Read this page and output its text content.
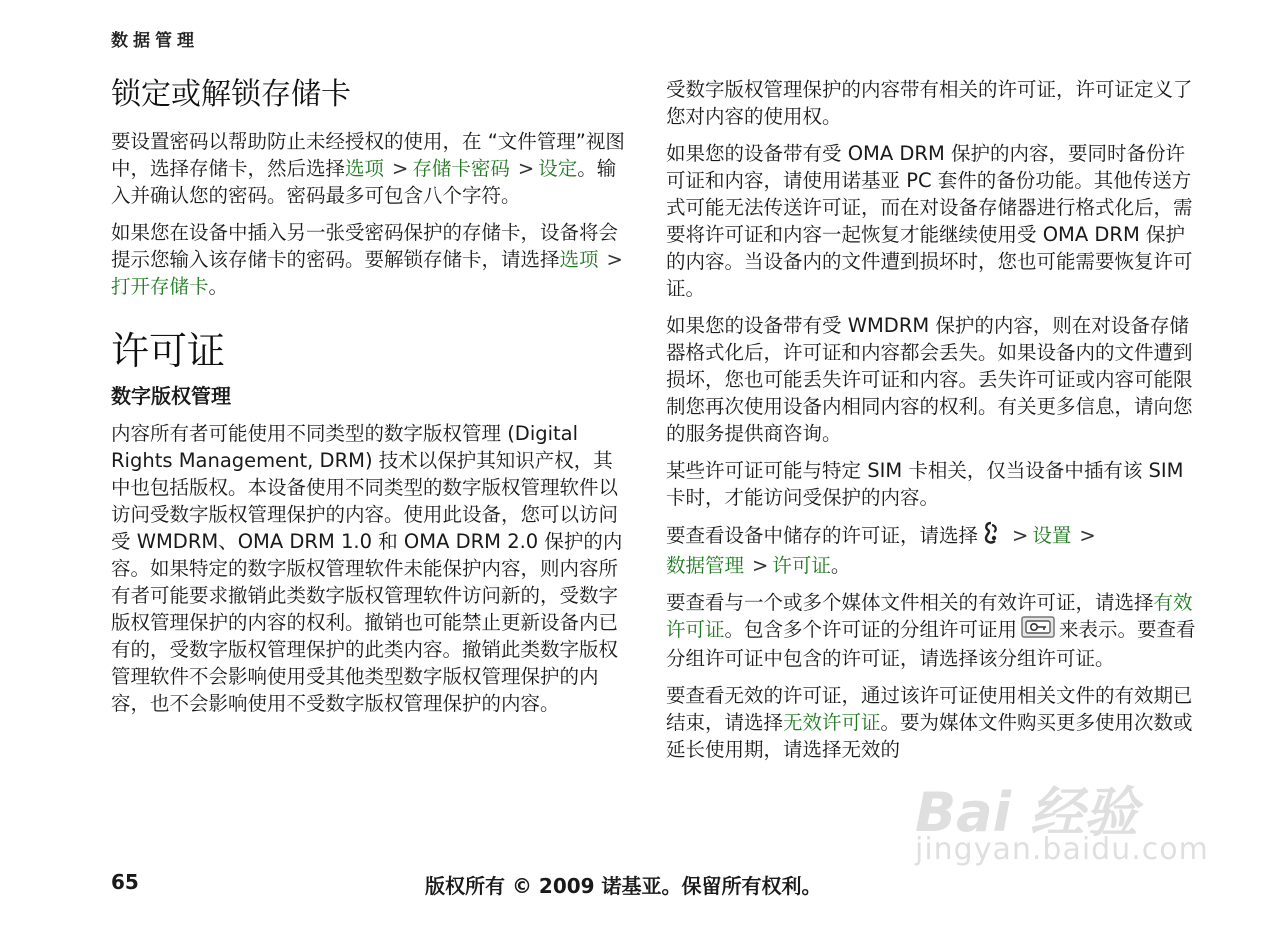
数据管理
锁定或解锁存储卡

要设置密码以帮助防止未经授权的使用，在 “文件管理”视图中，选择存储卡，然后选择选项 > 存储卡密码 > 设定。输入并确认您的密码。密码最多可包含八个字符。

如果您在设备中插入另一张受密码保护的存储卡，设备将会提示您输入该存储卡的密码。要解锁存储卡，请选择选项 >打开存储卡。

许可证
数字版权管理

内容所有者可能使用不同类型的数字版权管理 (Digital Rights Management, DRM) 技术以保护其知识产权，其中也包括版权。本设备使用不同类型的数字版权管理软件以访问受数字版权管理保护的内容。使用此设备，您可以访问受 WMDRM、OMA DRM 1.0 和 OMA DRM 2.0 保护的内容。如果特定的数字版权管理软件未能保护内容，则内容所有者可能要求撤销此类数字版权管理软件访问新的，受数字版权管理保护的内容的权利。撤销也可能禁止更新设备内已有的，受数字版权管理保护的此类内容。撤销此类数字版权管理软件不会影响使用受其他类型数字版权管理保护的内容，也不会影响使用不受数字版权管理保护的内容。

受数字版权管理保护的内容带有相关的许可证，许可证定义了您对内容的使用权。

如果您的设备带有受 OMA DRM 保护的内容，要同时备份许可证和内容，请使用诺基亚 PC 套件的备份功能。其他传送方式可能无法传送许可证，而在对设备存储器进行格式化后，需要将许可证和内容一起恢复才能继续使用受 OMA DRM 保护的内容。当设备内的文件遭到损坏时，您也可能需要恢复许可证。

如果您的设备带有受 WMDRM 保护的内容，则在对设备存储器格式化后，许可证和内容都会丢失。如果设备内的文件遭到损坏，您也可能丢失许可证和内容。丢失许可证或内容可能限制您再次使用设备内相同内容的权利。有关更多信息，请向您的服务提供商咨询。

某些许可证可能与特定 SIM 卡相关，仅当设备中插有该 SIM 卡时，才能访问受保护的内容。

要查看设备中储存的许可证，请选择 > 设置 >
数据管理 > 许可证。

要查看与一个或多个媒体文件相关的有效许可证，请选择有效许可证。包含多个许可证的分组许可证用 来表示。要查看分组许可证中包含的许可证，请选择该分组许可证。

要查看无效的许可证，通过该许可证使用相关文件的有效期已结束，请选择无效许可证。要为媒体文件购买更多使用次数或延长使用期，请选择无效的

Bai 经验
jingyan.baidu.com
65	版权所有 © 2009 诺基亚。保留所有权利。
